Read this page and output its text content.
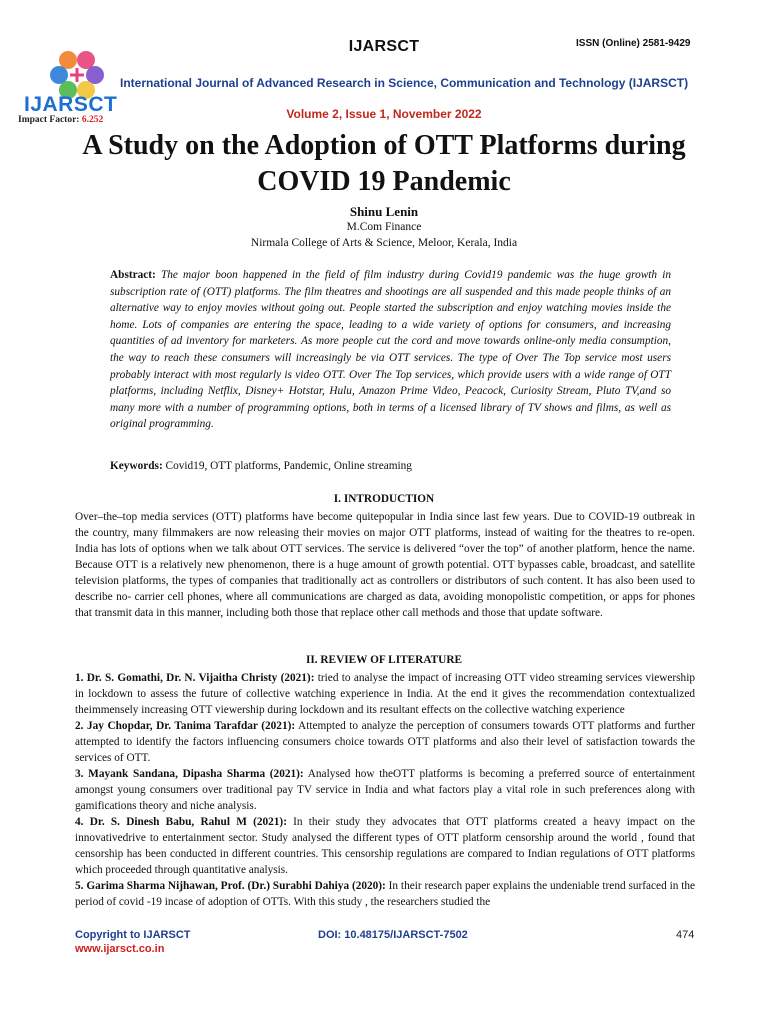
IJARSCT
Impact Factor: 6.252
IJARSCT	ISSN (Online) 2581-9429
International Journal of Advanced Research in Science, Communication and Technology (IJARSCT)
Volume 2, Issue 1, November 2022
A Study on the Adoption of OTT Platforms during
COVID 19 Pandemic
Shinu Lenin
M.Com Finance
Nirmala College of Arts & Science, Meloor, Kerala, India
Abstract: The major boon happened in the field of film industry during Covid19 pandemic was the huge growth in subscription rate of (OTT) platforms. The film theatres and shootings are all suspended and this made people thinks of an alternative way to enjoy movies without going out. People started the subscription and enjoy watching movies inside the home. Lots of companies are entering the space, leading to a wide variety of options for consumers, and increasing quantities of ad inventory for marketers. As more people cut the cord and move towards online-only media consumption, the way to reach these consumers will increasingly be via OTT services. The type of Over The Top service most users probably interact with most regularly is video OTT. Over The Top services, which provide users with a wide range of OTT platforms, including Netflix, Disney+ Hotstar, Hulu, Amazon Prime Video, Peacock, Curiosity Stream, Pluto TV,and so many more with a number of programming options, both in terms of a licensed library of TV shows and films, as well as original programming.
Keywords: Covid19, OTT platforms, Pandemic, Online streaming
I. INTRODUCTION
Over–the–top media services (OTT) platforms have become quitepopular in India since last few years. Due to COVID-19 outbreak in the country, many filmmakers are now releasing their movies on major OTT platforms, instead of waiting for the theatres to re-open. India has lots of options when we talk about OTT services. The service is delivered “over the top” of another platform, hence the name. Because OTT is a relatively new phenomenon, there is a huge amount of growth potential. OTT bypasses cable, broadcast, and satellite television platforms, the types of companies that traditionally act as controllers or distributors of such content. It has also been used to describe no- carrier cell phones, where all communications are charged as data, avoiding monopolistic competition, or apps for phones that transmit data in this manner, including both those that replace other call methods and those that update software.
II. REVIEW OF LITERATURE

1. Dr. S. Gomathi, Dr. N. Vijaitha Christy (2021): tried to analyse the impact of increasing OTT video streaming services viewership in lockdown to assess the future of collective watching experience in India. At the end it gives the recommendation contextualized theimmensely increasing OTT viewership during lockdown and its resultant effects on the collective watching experience

2. Jay Chopdar, Dr. Tanima Tarafdar (2021): Attempted to analyze the perception of consumers towards OTT platforms and further attempted to identify the factors influencing consumers choice towards OTT platforms and also their level of satisfaction towards the services of OTT.

3. Mayank Sandana, Dipasha Sharma (2021): Analysed how theOTT platforms is becoming a preferred source of entertainment amongst young consumers over traditional pay TV service in India and what factors play a vital role in such preferences along with gamifications theory and niche analysis.

4. Dr. S. Dinesh Babu, Rahul M (2021): In their study they advocates that OTT platforms created a heavy impact on the innovativedrive to entertainment sector. Study analysed the different types of OTT platform censorship around the world , found that censorship has been conducted in different countries. This censorship regulations are compared to Indian regulations of OTT platforms which proceeded through quantitative analysis.

5. Garima Sharma Nijhawan, Prof. (Dr.) Surabhi Dahiya (2020): In their research paper explains the undeniable trend surfaced in the period of covid -19 incase of adoption of OTTs. With this study , the researchers studied the

Copyright to IJARSCT
www.ijarsct.co.in
DOI: 10.48175/IJARSCT-7502	474
